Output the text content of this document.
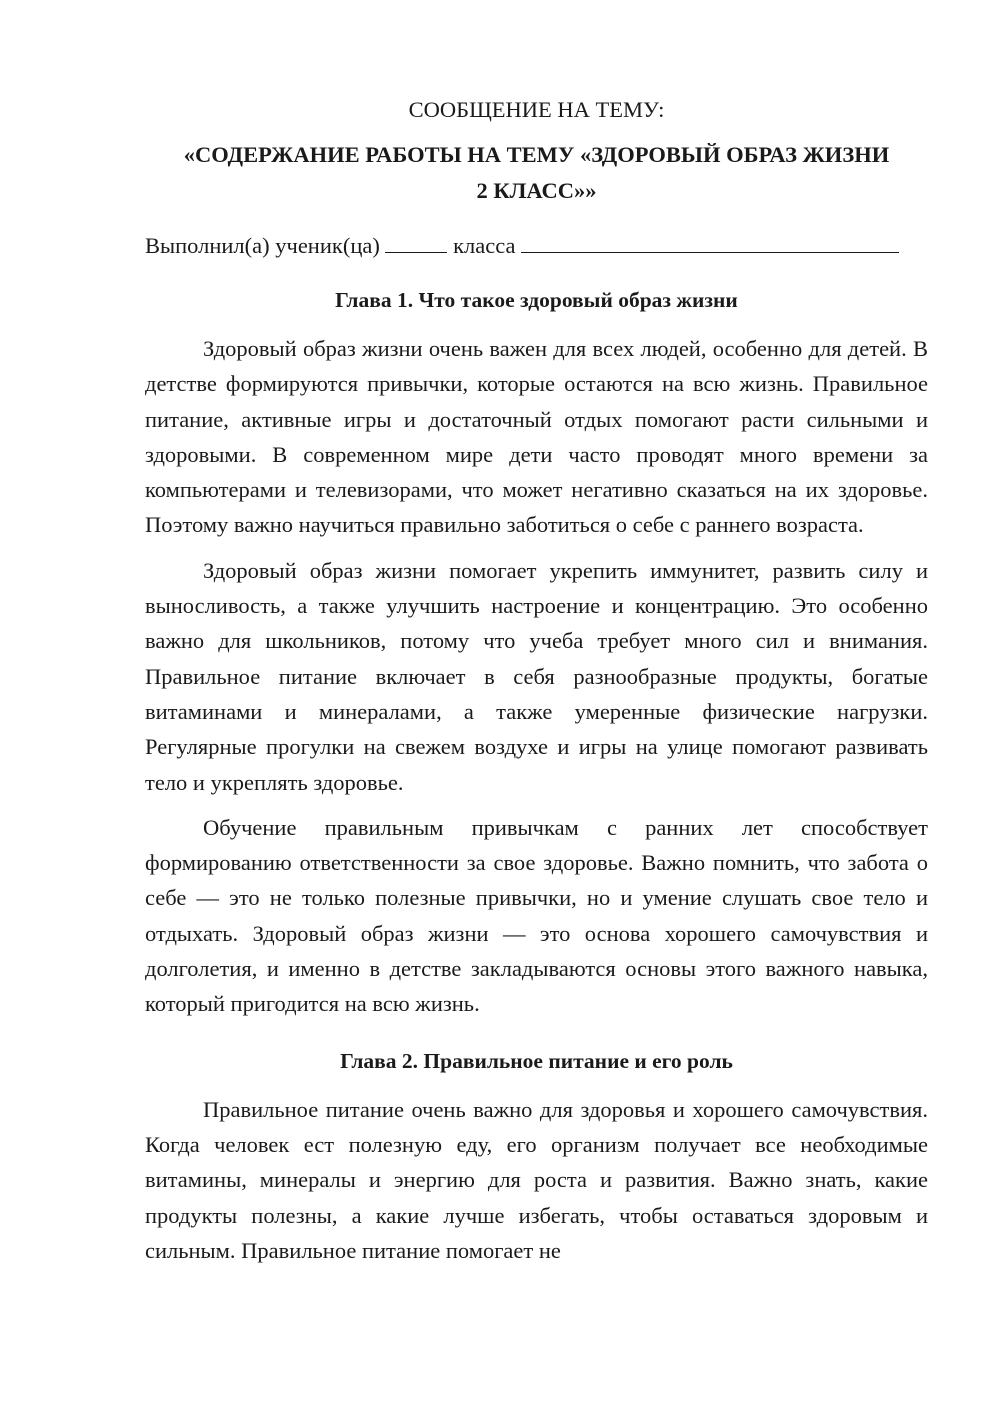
СООБЩЕНИЕ НА ТЕМУ:

«СОДЕРЖАНИЕ РАБОТЫ НА ТЕМУ «ЗДОРОВЫЙ ОБРАЗ ЖИЗНИ
2 КЛАСС»»

Выполнил(а) ученик(ца)	класса

Глава 1. Что такое здоровый образ жизни

Здоровый образ жизни очень важен для всех людей, особенно для детей. В детстве формируются привычки, которые остаются на всю жизнь. Правильное питание, активные игры и достаточный отдых помогают расти сильными и здоровыми. В современном мире дети часто проводят много времени за компьютерами и телевизорами, что может негативно сказаться на их здоровье. Поэтому важно научиться правильно заботиться о себе с раннего возраста.

Здоровый образ жизни помогает укрепить иммунитет, развить силу и выносливость, а также улучшить настроение и концентрацию. Это особенно важно для школьников, потому что учеба требует много сил и внимания. Правильное питание включает в себя разнообразные продукты, богатые витаминами и минералами, а также умеренные физические нагрузки. Регулярные прогулки на свежем воздухе и игры на улице помогают развивать тело и укреплять здоровье.

Обучение правильным привычкам с ранних лет способствует формированию ответственности за свое здоровье. Важно помнить, что забота о себе — это не только полезные привычки, но и умение слушать свое тело и отдыхать. Здоровый образ жизни — это основа хорошего самочувствия и долголетия, и именно в детстве закладываются основы этого важного навыка, который пригодится на всю жизнь.

Глава 2. Правильное питание и его роль

Правильное питание очень важно для здоровья и хорошего самочувствия. Когда человек ест полезную еду, его организм получает все необходимые витамины, минералы и энергию для роста и развития. Важно знать, какие продукты полезны, а какие лучше избегать, чтобы оставаться здоровым и сильным. Правильное питание помогает не
